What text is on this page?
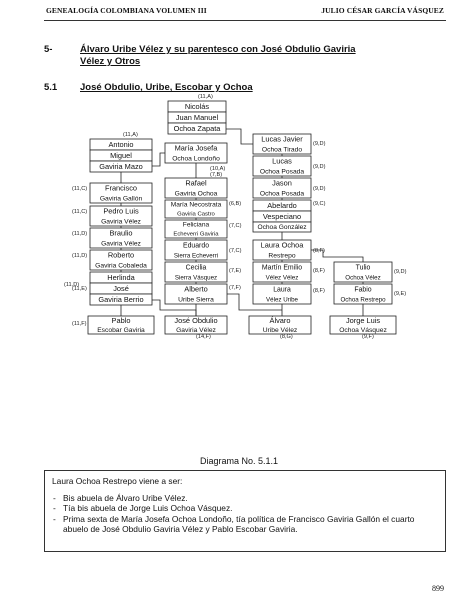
GENEALOGÍA COLOMBIANA VOLUMEN III	JULIO CÉSAR GARCÍA VÁSQUEZ
5-	Álvaro Uribe Vélez y su parentesco con José Obdulio Gaviria
Vélez y Otros
5.1 José Obdulio, Uribe, Escobar y Ochoa
Nicolás
Juan Manuel
Ochoa Zapata
Antonio
Miguel
Gaviria Mazo
María Josefa
Ochoa Londoño
Lucas Javier
Ochoa Tirado
Lucas
Ochoa Posada
Jason
Ochoa Posada
Francisco
Gaviria Gallón
Rafael
Gaviria Ochoa
María Necostrata
Gaviria Castro
Abelardo
Vespeciano
Ochoa González
Pedro Luis
Gaviria Vélez	Feliciana
Echeverri Gaviria
Braulio
Gaviria Vélez	Eduardo
Sierra Echeverri
Laura Ochoa
Restrepo
Roberto
Gaviria Cobaleda	Cecilia
Sierra Vásquez
Martín Emilio
Vélez Vélez
Tulio
Ochoa Vélez
Herlinda
José
Gaviria Berrio
Alberto
Uribe Sierra
Laura
Vélez Uribe
Fabio
Ochoa Restrepo
Pablo
Escobar Gaviria
José Obdulio
Gaviria Vélez
Álvaro
Uribe Vélez
Jorge Luis
Ochoa Vásquez
(11,A)
(11,A)
(10,A)
(7,B)
(11,C)
(11,C)
(11,D)
(11,D)
(11,E)
(11,D)
(11,F)
(9,D)
(9,D)
(9,D)
(6,B)	(9,C)
(7,C)
(7,C)
(7,E)
(7,F)
(8,F)
(8,F)
(8,F)
(9,D)
(9,E)
(14,F)	(8,G)	(9,F)
Diagrama No. 5.1.1
Laura Ochoa Restrepo viene a ser:
- Bis abuela de Álvaro Uribe Vélez.
- Tía bis abuela de Jorge Luis Ochoa Vásquez.
- Prima sexta de María Josefa Ochoa Londoño, tía política de Francisco Gaviria Gallón el cuarto abuelo de José Obdulio Gaviria Vélez y Pablo Escobar Gaviria.
899
